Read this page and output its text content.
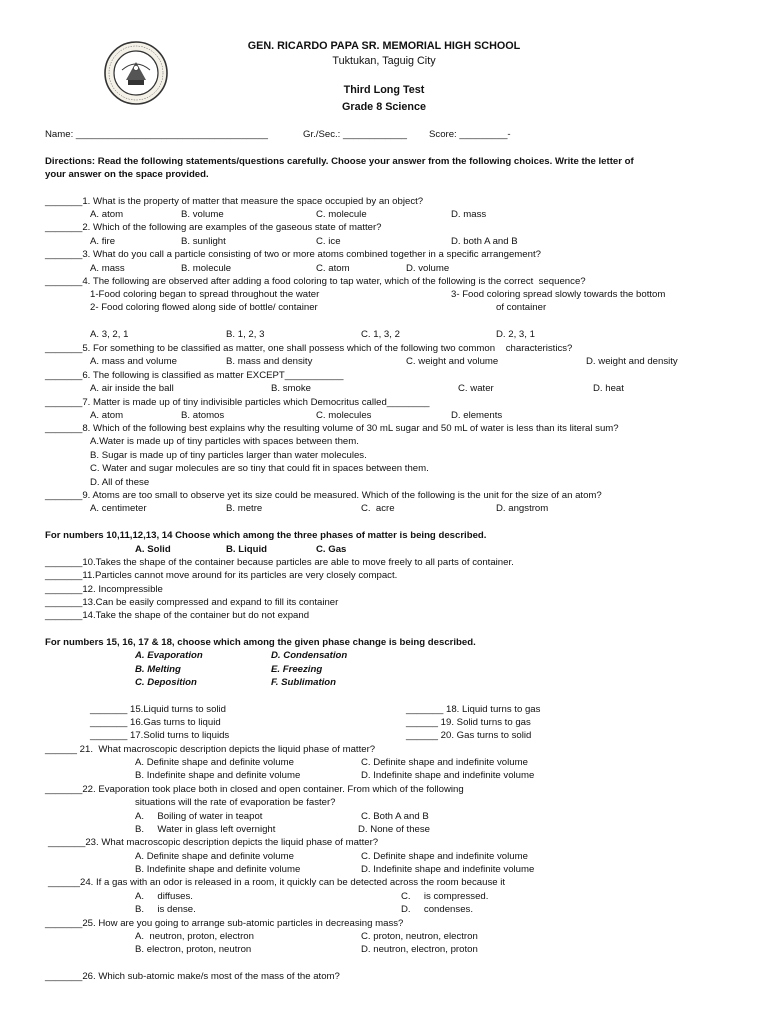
GEN. RICARDO PAPA SR. MEMORIAL HIGH SCHOOL
Tuktukan, Taguig City
Third Long Test
Grade 8 Science
Name: ____________________________________	Gr./Sec.: ____________ Score: _________-
Directions: Read the following statements/questions carefully. Choose your answer from the following choices. Write the letter of
your answer on the space provided.
_______1. What is the property of matter that measure the space occupied by an object?
A. atom	B. volume	C. molecule	D. mass
_______2. Which of the following are examples of the gaseous state of matter?
A. fire	B. sunlight	C. ice	D. both A and B
_______3. What do you call a particle consisting of two or more atoms combined together in a specific arrangement?
A. mass	B. molecule	C. atom	D. volume
_______4. The following are observed after adding a food coloring to tap water, which of the following is the correct  sequence?
1-Food coloring began to spread throughout the water	3- Food coloring spread slowly towards the bottom
2- Food coloring flowed along side of bottle/ container	of container
A. 3, 2, 1	B. 1, 2, 3	C. 1, 3, 2	D. 2, 3, 1
_______5. For something to be classified as matter, one shall possess which of the following two common    characteristics?
A. mass and volume	B. mass and density	C. weight and volume	D. weight and density
_______6. The following is classified as matter EXCEPT___________
A. air inside the ball	B. smoke	C. water	D. heat
_______7. Matter is made up of tiny indivisible particles which Democritus called________
A. atom	B. atomos	C. molecules	D. elements
_______8. Which of the following best explains why the resulting volume of 30 mL sugar and 50 mL of water is less than its literal sum?
A.Water is made up of tiny particles with spaces between them.
B. Sugar is made up of tiny particles larger than water molecules.
C. Water and sugar molecules are so tiny that could fit in spaces between them.
D. All of these
_______9. Atoms are too small to observe yet its size could be measured. Which of the following is the unit for the size of an atom?
A. centimeter	B. metre	C.  acre	D. angstrom
For numbers 10,11,12,13, 14 Choose which among the three phases of matter is being described.
A. Solid	B. Liquid	C. Gas
_______10.Takes the shape of the container because particles are able to move freely to all parts of container.
_______11.Particles cannot move around for its particles are very closely compact.
_______12. Incompressible
_______13.Can be easily compressed and expand to fill its container
_______14.Take the shape of the container but do not expand
For numbers 15, 16, 17 & 18, choose which among the given phase change is being described.
A. Evaporation	D. Condensation
B. Melting	E. Freezing
C. Deposition	F. Sublimation
_______ 15.Liquid turns to solid	_______ 18. Liquid turns to gas
_______ 16.Gas turns to liquid	______ 19. Solid turns to gas
_______ 17.Solid turns to liquids	______ 20. Gas turns to solid
______ 21.  What macroscopic description depicts the liquid phase of matter?
A. Definite shape and definite volume	C. Definite shape and indefinite volume
B. Indefinite shape and definite volume	D. Indefinite shape and indefinite volume
_______22. Evaporation took place both in closed and open container. From which of the following
situations will the rate of evaporation be faster?
A.     Boiling of water in teapot	C. Both A and B
B.     Water in glass left overnight	D. None of these
_______23. What macroscopic description depicts the liquid phase of matter?
A. Definite shape and definite volume	C. Definite shape and indefinite volume
B. Indefinite shape and definite volume	D. Indefinite shape and indefinite volume
______24. If a gas with an odor is released in a room, it quickly can be detected across the room because it
A.     diffuses.	C.     is compressed.
B.     is dense.	D.     condenses.
_______25. How are you going to arrange sub-atomic particles in decreasing mass?
A.  neutron, proton, electron	C. proton, neutron, electron
B. electron, proton, neutron	D. neutron, electron, proton
_______26. Which sub-atomic make/s most of the mass of the atom?
